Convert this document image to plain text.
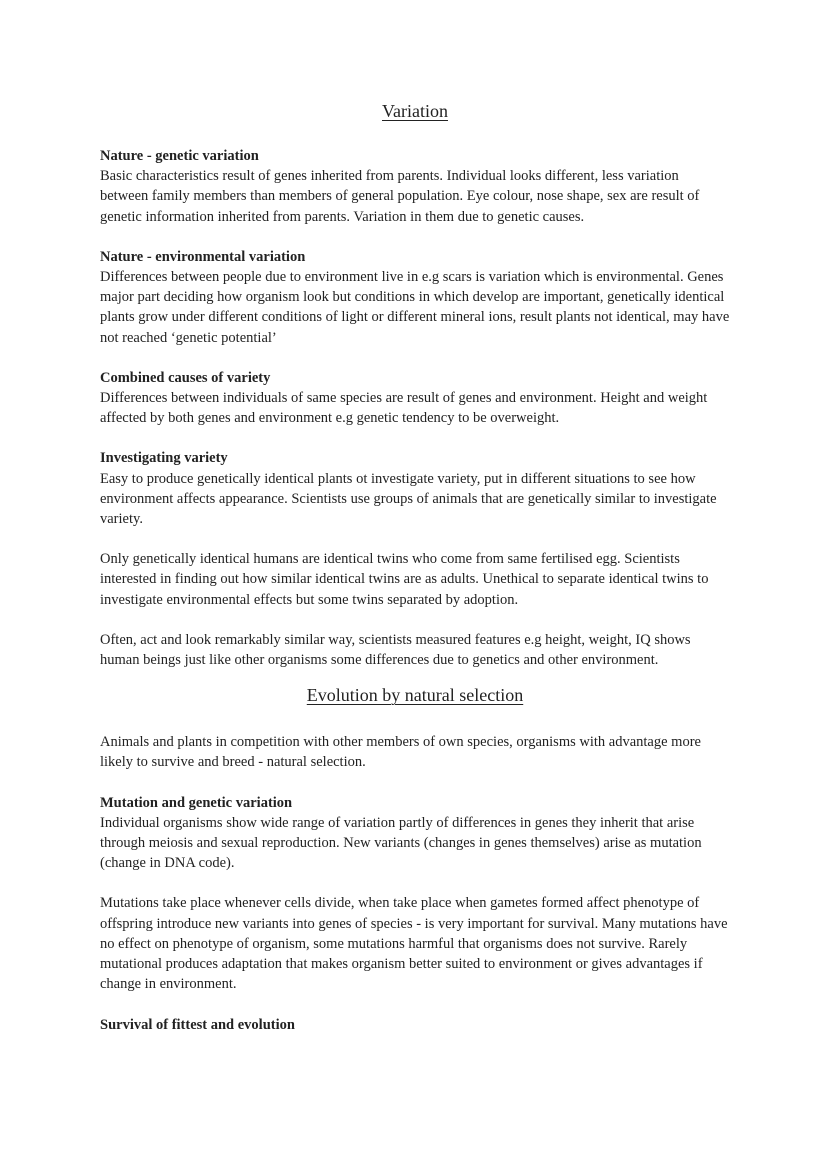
Variation

Nature - genetic variation

Basic characteristics result of genes inherited from parents. Individual looks different, less variation between family members than members of general population. Eye colour, nose shape, sex are result of genetic information inherited from parents. Variation in them due to genetic causes.

Nature - environmental variation

Differences between people due to environment live in e.g scars is variation which is environmental. Genes major part deciding how organism look but conditions in which develop are important, genetically identical plants grow under different conditions of light or different mineral ions, result plants not identical, may have not reached ‘genetic potential’

Combined causes of variety

Differences between individuals of same species are result of genes and environment. Height and weight affected by both genes and environment e.g genetic tendency to be overweight.

Investigating variety

Easy to produce genetically identical plants ot investigate variety, put in different situations to see how environment affects appearance. Scientists use groups of animals that are genetically similar to investigate variety.

Only genetically identical humans are identical twins who come from same fertilised egg. Scientists interested in finding out how similar identical twins are as adults. Unethical to separate identical twins to investigate environmental effects but some twins separated by adoption.

Often, act and look remarkably similar way, scientists measured features e.g height, weight, IQ shows human beings just like other organisms some differences due to genetics and other environment.

Evolution by natural selection

Animals and plants in competition with other members of own species, organisms with advantage more likely to survive and breed - natural selection.

Mutation and genetic variation

Individual organisms show wide range of variation partly of differences in genes they inherit that arise through meiosis and sexual reproduction. New variants (changes in genes themselves) arise as mutation (change in DNA code).

Mutations take place whenever cells divide, when take place when gametes formed affect phenotype of offspring introduce new variants into genes of species - is very important for survival. Many mutations have no effect on phenotype of organism, some mutations harmful that organisms does not survive. Rarely mutational produces adaptation that makes organism better suited to environment or gives advantages if change in environment.

Survival of fittest and evolution
